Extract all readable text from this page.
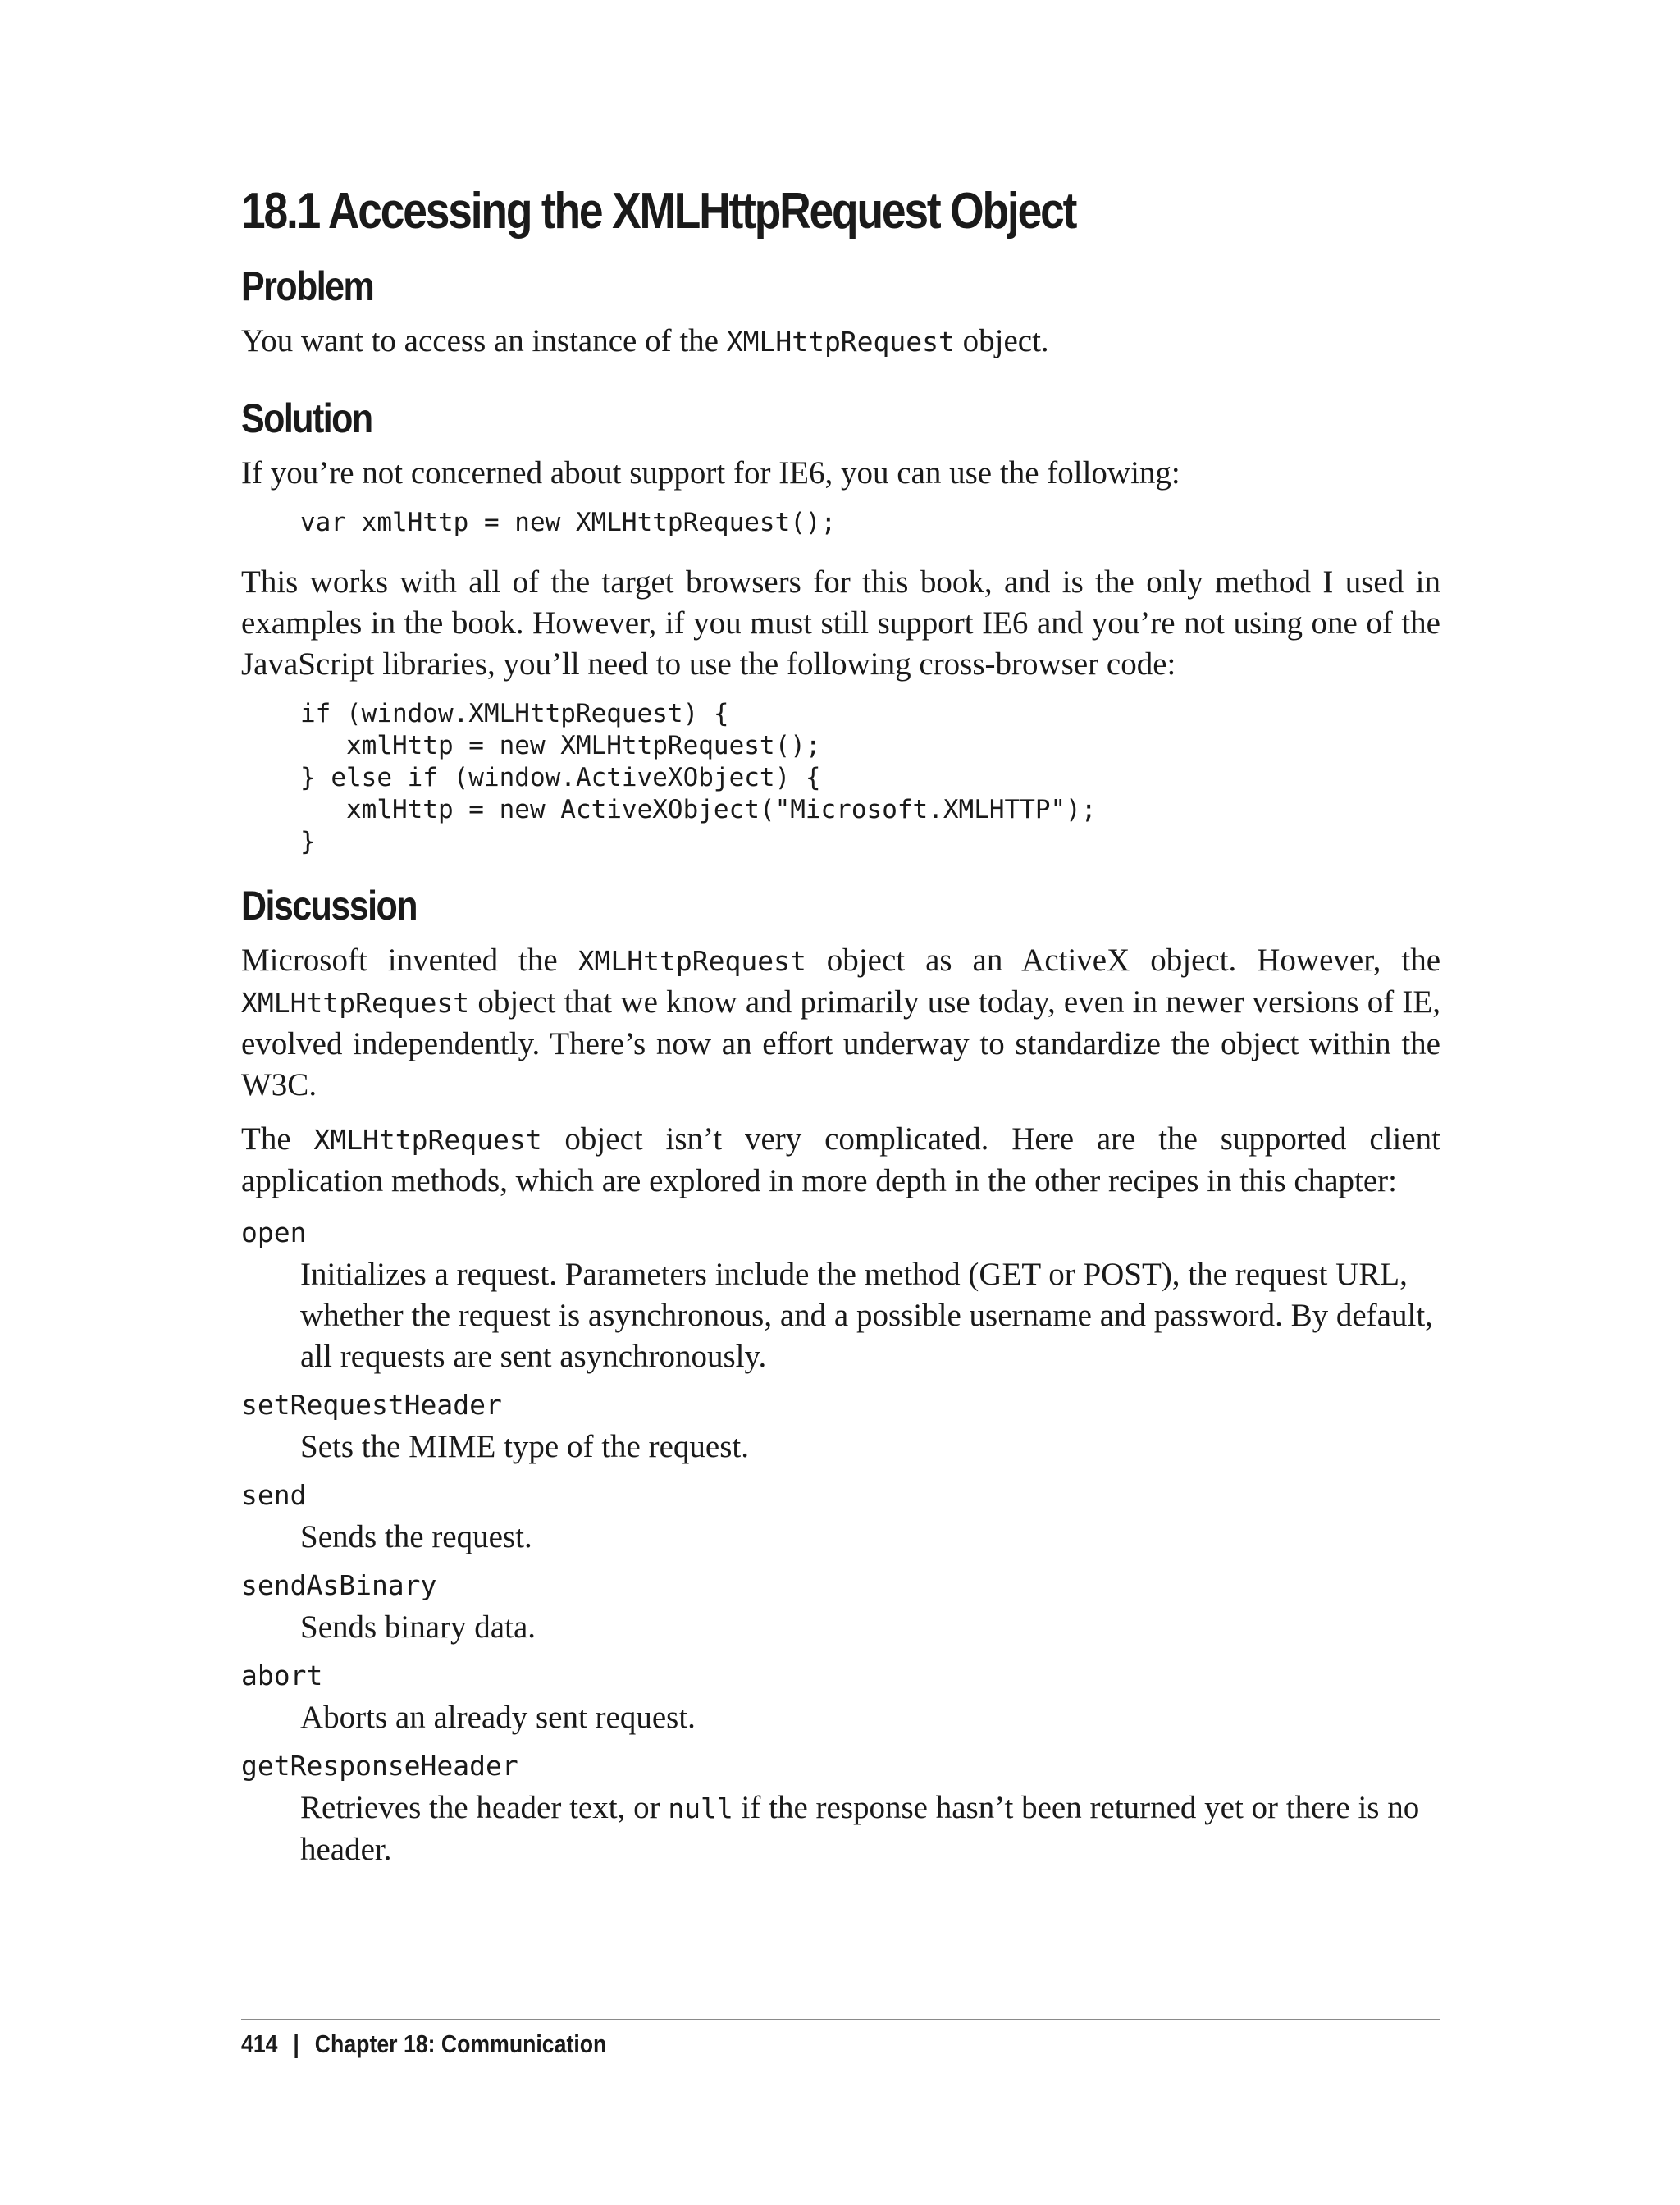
18.1 Accessing the XMLHttpRequest Object
Problem

You want to access an instance of the XMLHttpRequest object.

Solution

If you’re not concerned about support for IE6, you can use the following:

var xmlHttp = new XMLHttpRequest();

This works with all of the target browsers for this book, and is the only method I used in examples in the book. However, if you must still support IE6 and you’re not using one of the JavaScript libraries, you’ll need to use the following cross-browser code:

if (window.XMLHttpRequest) {
xmlHttp = new XMLHttpRequest();
} else if (window.ActiveXObject) {
xmlHttp = new ActiveXObject("Microsoft.XMLHTTP");
}
Discussion

Microsoft invented the XMLHttpRequest object as an ActiveX object. However, the XMLHttpRequest object that we know and primarily use today, even in newer versions of IE, evolved independently. There’s now an effort underway to standardize the object within the W3C.

The XMLHttpRequest object isn’t very complicated. Here are the supported client application methods, which are explored in more depth in the other recipes in this chapter:

open
Initializes a request. Parameters include the method (GET or POST), the request URL, whether the request is asynchronous, and a possible username and password. By default, all requests are sent asynchronously.
setRequestHeader
Sets the MIME type of the request.
send
Sends the request.
sendAsBinary
Sends binary data.
abort
Aborts an already sent request.
getResponseHeader
Retrieves the header text, or null if the response hasn’t been returned yet or there is no header.
414 | Chapter 18: Communication
